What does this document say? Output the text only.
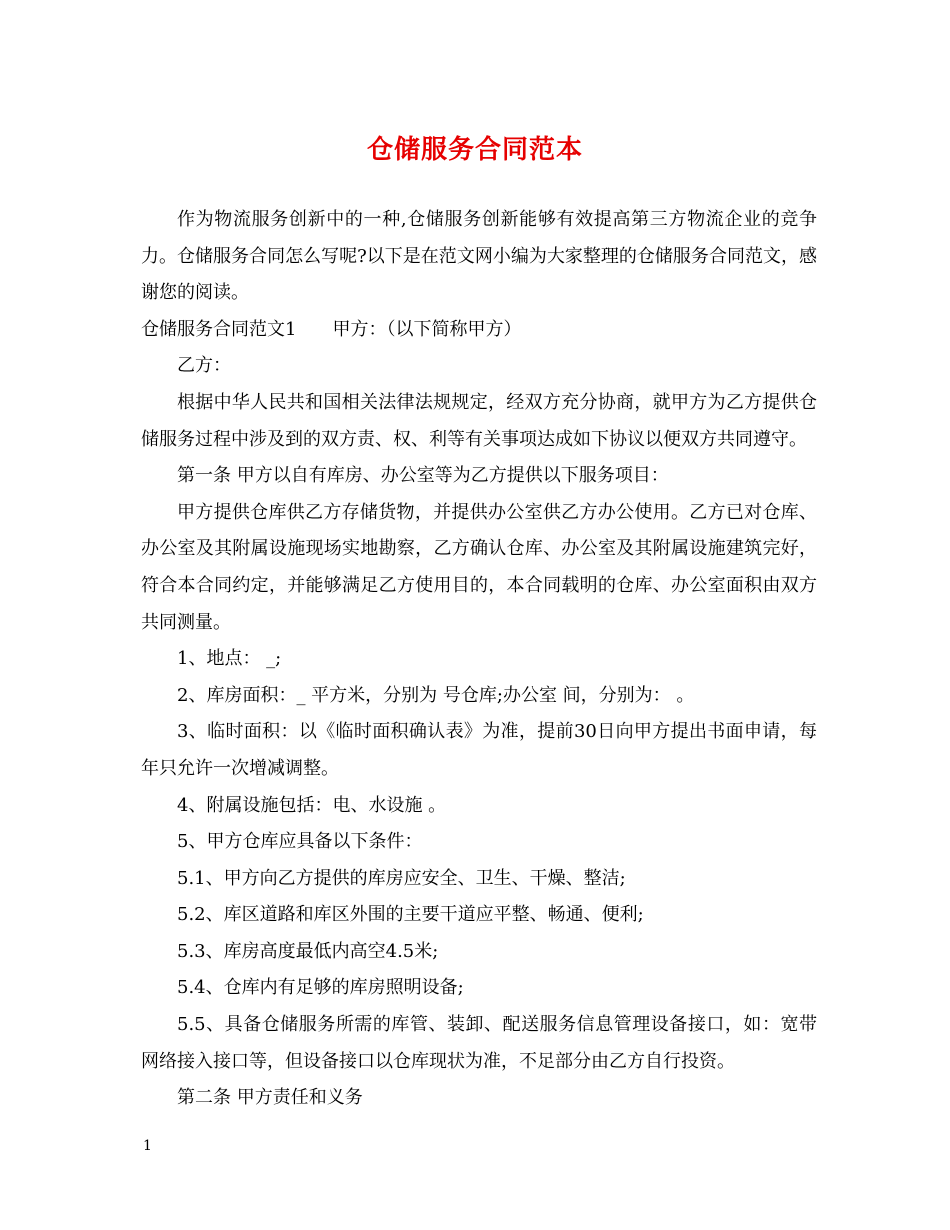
仓储服务合同范本

作为物流服务创新中的一种,仓储服务创新能够有效提高第三方物流企业的竞争力。仓储服务合同怎么写呢?以下是在范文网小编为大家整理的仓储服务合同范文，感谢您的阅读。

仓储服务合同范文1　　甲方：（以下简称甲方）

乙方：

根据中华人民共和国相关法律法规规定，经双方充分协商，就甲方为乙方提供仓储服务过程中涉及到的双方责、权、利等有关事项达成如下协议以便双方共同遵守。

第一条 甲方以自有库房、办公室等为乙方提供以下服务项目：

甲方提供仓库供乙方存储货物，并提供办公室供乙方办公使用。乙方已对仓库、办公室及其附属设施现场实地勘察，乙方确认仓库、办公室及其附属设施建筑完好，符合本合同约定，并能够满足乙方使用目的，本合同载明的仓库、办公室面积由双方共同测量。

1、地点： _;

2、库房面积：_ 平方米，分别为 号仓库;办公室 间，分别为： 。

3、临时面积：以《临时面积确认表》为准，提前30日向甲方提出书面申请，每年只允许一次增减调整。

4、附属设施包括：电、水设施 。

5、甲方仓库应具备以下条件：

5.1、甲方向乙方提供的库房应安全、卫生、干燥、整洁;

5.2、库区道路和库区外围的主要干道应平整、畅通、便利;

5.3、库房高度最低内高空4.5米;

5.4、仓库内有足够的库房照明设备;

5.5、具备仓储服务所需的库管、装卸、配送服务信息管理设备接口，如：宽带网络接入接口等，但设备接口以仓库现状为准，不足部分由乙方自行投资。

第二条 甲方责任和义务

1
